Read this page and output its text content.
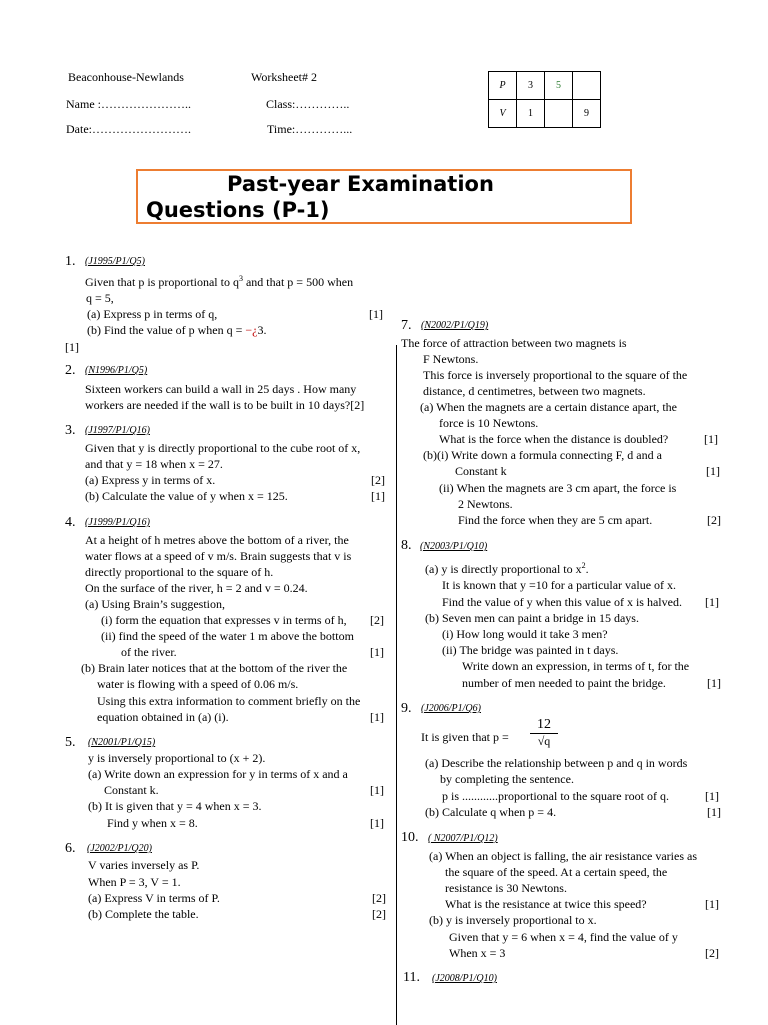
Beaconhouse-Newlands	Worksheet# 2
Name :…………………..	Class:…………..
Date:…………………….	Time:…………...
P	3	5	
V	1		9
Past-year Examination
Questions (P-1)
1. (J1995/P1/Q5)
Given that p is proportional to $q^3$ and that p = 500 when
q = 5,
(a) Express p in terms of q,	[1]
(b) Find the value of p when q = −¿3.
[1]
2. (N1996/P1/Q5)
Sixteen workers can build a wall in 25 days . How many
workers are needed if the wall is to be built in 10 days?[2]
3. (J1997/P1/Q16)
Given that y is directly proportional to the cube root of x,
and that y = 18 when x = 27.
(a) Express y in terms of x.	[2]
(b) Calculate the value of y when x = 125.	[1]
4. (J1999/P1/Q16)
At a height of h metres above the bottom of a river, the
water flows at a speed of v m/s. Brain suggests that v is
directly proportional to the square of h.
On the surface of the river, h = 2 and v = 0.24.
(a) Using Brain’s suggestion,
(i) form the equation that expresses v in terms of h, [2]
(ii) find the speed of the water 1 m above the bottom
of the river.	[1]
(b) Brain later notices that at the bottom of the river the
water is flowing with a speed of 0.06 m/s.
Using this extra information to comment briefly on the
equation obtained in (a) (i).	[1]
5. (N2001/P1/Q15)
y is inversely proportional to (x + 2).
(a) Write down an expression for y in terms of x and a
Constant k.	[1]
(b) It is given that y = 4 when x = 3.
Find y when x = 8.	[1]
6. (J2002/P1/Q20)
V varies inversely as P.
When P = 3, V = 1.
(a) Express V in terms of P.	[2]
(b) Complete the table.	[2]
7. (N2002/P1/Q19)
The force of attraction between two magnets is
F Newtons.
This force is inversely proportional to the square of the
distance, d centimetres, between two magnets.
(a) When the magnets are a certain distance apart, the
force is 10 Newtons.
What is the force when the distance is doubled?	[1]
(b)(i) Write down a formula connecting F, d and a
Constant k	[1]
(ii) When the magnets are 3 cm apart, the force is
2 Newtons.
Find the force when they are 5 cm apart.	[2]
8. (N2003/P1/Q10)
(a) y is directly proportional to $x^2$.
It is known that y =10 for a particular value of x.
Find the value of y when this value of x is halved. [1]
(b) Seven men can paint a bridge in 15 days.
(i) How long would it take 3 men?
(ii) The bridge was painted in t days.
Write down an expression, in terms of t, for the
number of men needed to paint the bridge.	[1]
9. (J2006/P1/Q6)
It is given that $p = \frac{12}{√q}$
(a) Describe the relationship between p and q in words
by completing the sentence.
p is ............proportional to the square root of q.	[1]
(b) Calculate q when p = 4.	[1]
10. ( N2007/P1/Q12)
(a) When an object is falling, the air resistance varies as
the square of the speed. At a certain speed, the
resistance is 30 Newtons.
What is the resistance at twice this speed?	[1]
(b) y is inversely proportional to x.
Given that y = 6 when x = 4, find the value of y
When x = 3	[2]
11. (J2008/P1/Q10)
